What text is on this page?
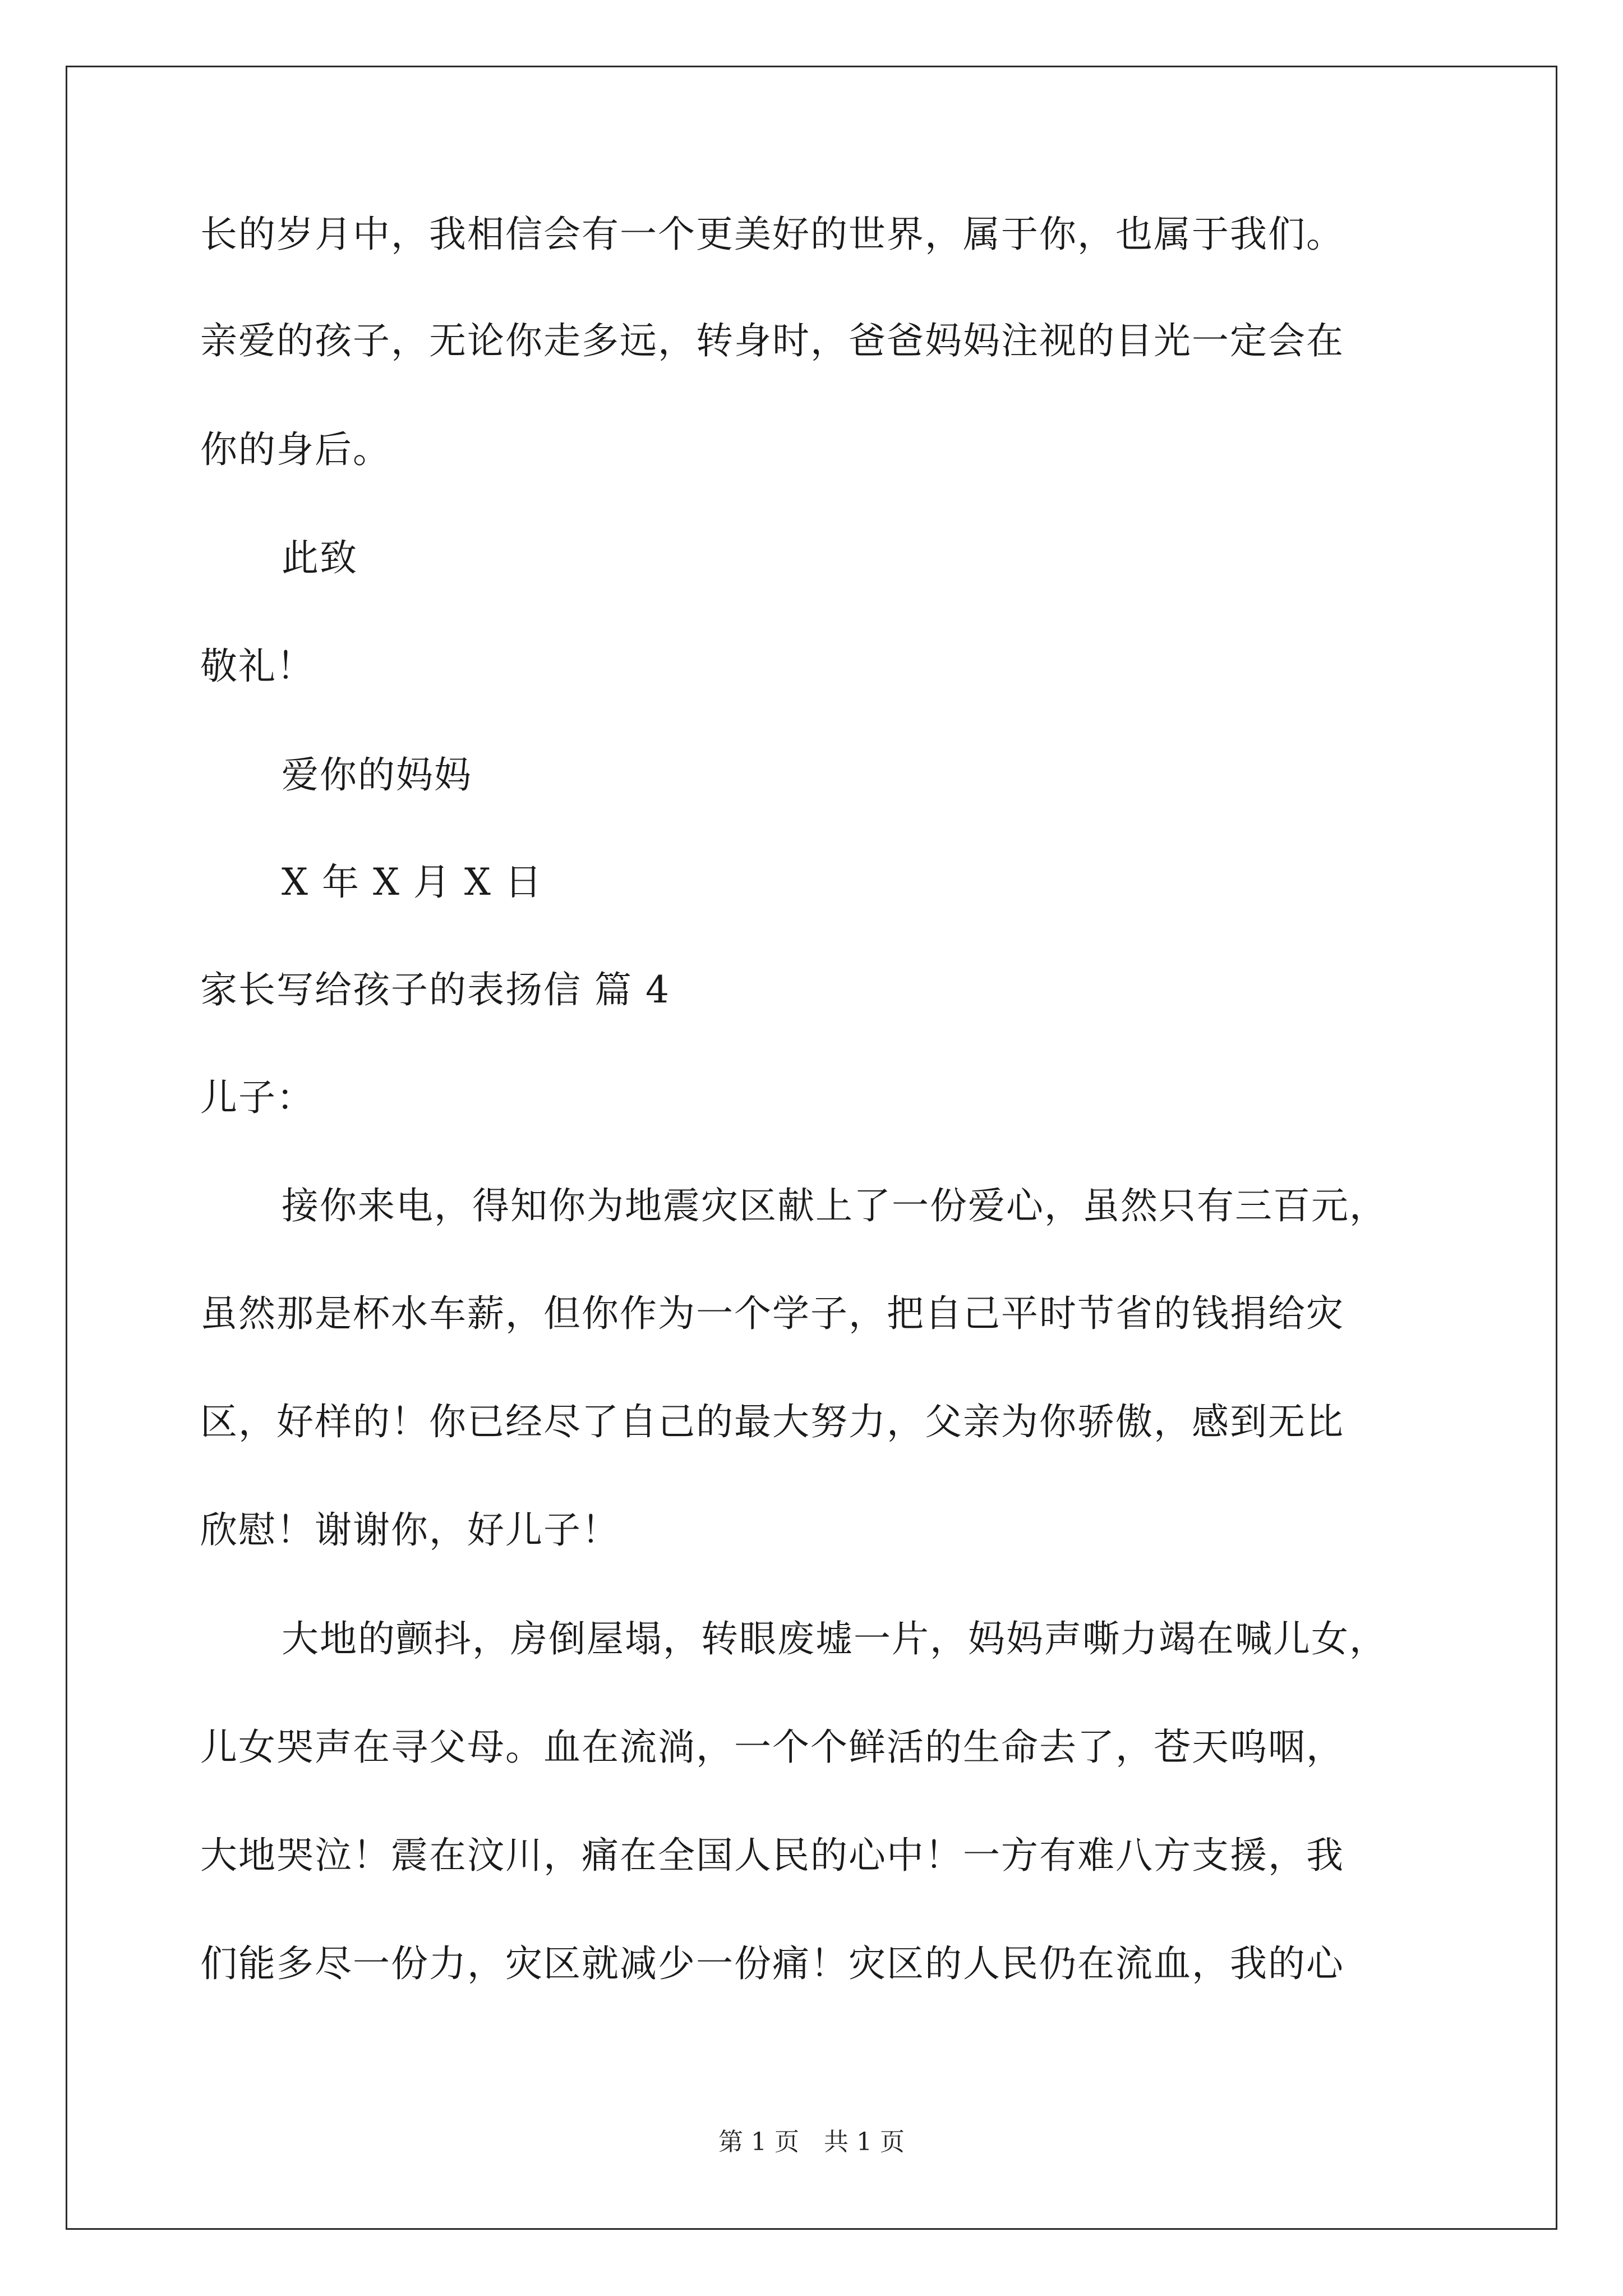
长的岁月中，我相信会有一个更美好的世界，属于你，也属于我们。
亲爱的孩子，无论你走多远，转身时，爸爸妈妈注视的目光一定会在
你的身后。
此致
敬礼！
爱你的妈妈
X 年 X 月 X 日
家长写给孩子的表扬信 篇 4
儿子：
接你来电，得知你为地震灾区献上了一份爱心，虽然只有三百元，
虽然那是杯水车薪，但你作为一个学子，把自己平时节省的钱捐给灾
区，好样的！你已经尽了自己的最大努力，父亲为你骄傲，感到无比
欣慰！谢谢你，好儿子！
大地的颤抖，房倒屋塌，转眼废墟一片，妈妈声嘶力竭在喊儿女，
儿女哭声在寻父母。血在流淌，一个个鲜活的生命去了，苍天呜咽，
大地哭泣！震在汶川，痛在全国人民的心中！一方有难八方支援，我
们能多尽一份力，灾区就减少一份痛！灾区的人民仍在流血，我的心
第 1 页　共 1 页
